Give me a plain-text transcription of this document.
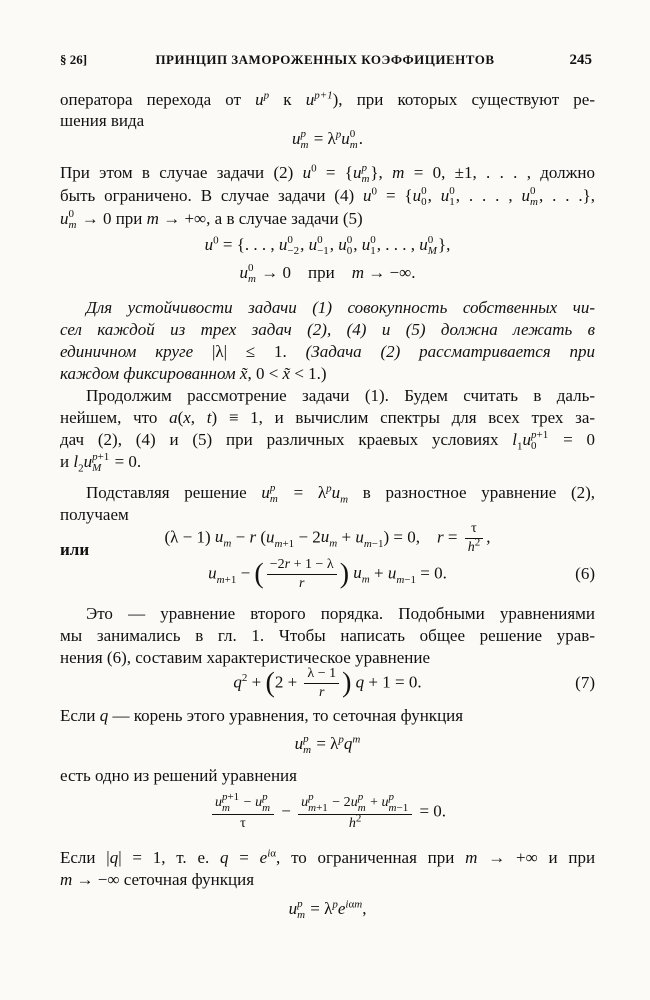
§ 26]	ПРИНЦИП ЗАМОРОЖЕННЫХ КОЭФФИЦИЕНТОВ	245
оператора перехода от $u^p$ к $u^{p+1}$), при которых существуют ре-
шения вида
u p
$m = \lambda^pu$ 0
m .
При этом в случае задачи (2) $u^0 = \{u$ p
m }, m = 0, ±1, . . . , должно
быть ограничено. В случае задачи (4) $u^0 = \{u$ 0
0 , u 0
1 , . . . , u 0
m , . . .},
u 0
m → 0 при m → +∞, а в случае задачи (5)
$u^0$ = {. . . , u 0
−2 , u 0
−1 , u 0
0 , u 0
1 , . . . , u 0
M },
u 0
m → 0    при m → −∞.
Для устойчивости задачи (1) совокупность собственных чи-
сел каждой из трех задач (2), (4) и (5) должна лежать в
единичном круге |λ| ≤ 1. (Задача (2) рассматривается при
каждом фиксированном x̃, 0 < x̃ < 1.)
Продолжим рассмотрение задачи (1). Будем считать в даль-
нейшем, что a(x, t) ≡ 1, и вычислим спектры для всех трех за-
дач (2), (4) и (5) при различных краевых условиях $l_1u$ p+1
0 = 0
и $l_2u$ p+1
M = 0.
Подставляя решение u p
$m = \lambda^pu_m$ в разностное уравнение (2),
получаем
(λ − 1) $u_m - r$ $(u_{m+1} - 2u_m + u_{m-1}) = 0$,    $r = \frac{\tau}{h^2}$ ,
или
$u_{m+1}$ − ( $\frac{-2r + 1 - \lambda}{r}$ ) $u_m + u_{m-1} = 0$.	(6)
Это — уравнение второго порядка. Подобными уравнениями
мы занимались в гл. 1. Чтобы написать общее решение урав-
нения (6), составим характеристическое уравнение
$q^2 + (2 + \frac{\lambda - 1}{r}$ ) q + 1 = 0.	(7)
Если q — корень этого уравнения, то сеточная функция
u p
$m = \lambda^pq^m$
есть одно из решений уравнения
u p+1
m − u p
m
τ − u p
m+1 − 2u p
m + u p
m−1
$h^2 = 0$.
Если |q| = 1, т. е. $q = e^{i\alpha}$, то ограниченная при m → +∞ и при
m → −∞ сеточная функция
u p
$m = \lambda^pe^{i\alpha m}$,
